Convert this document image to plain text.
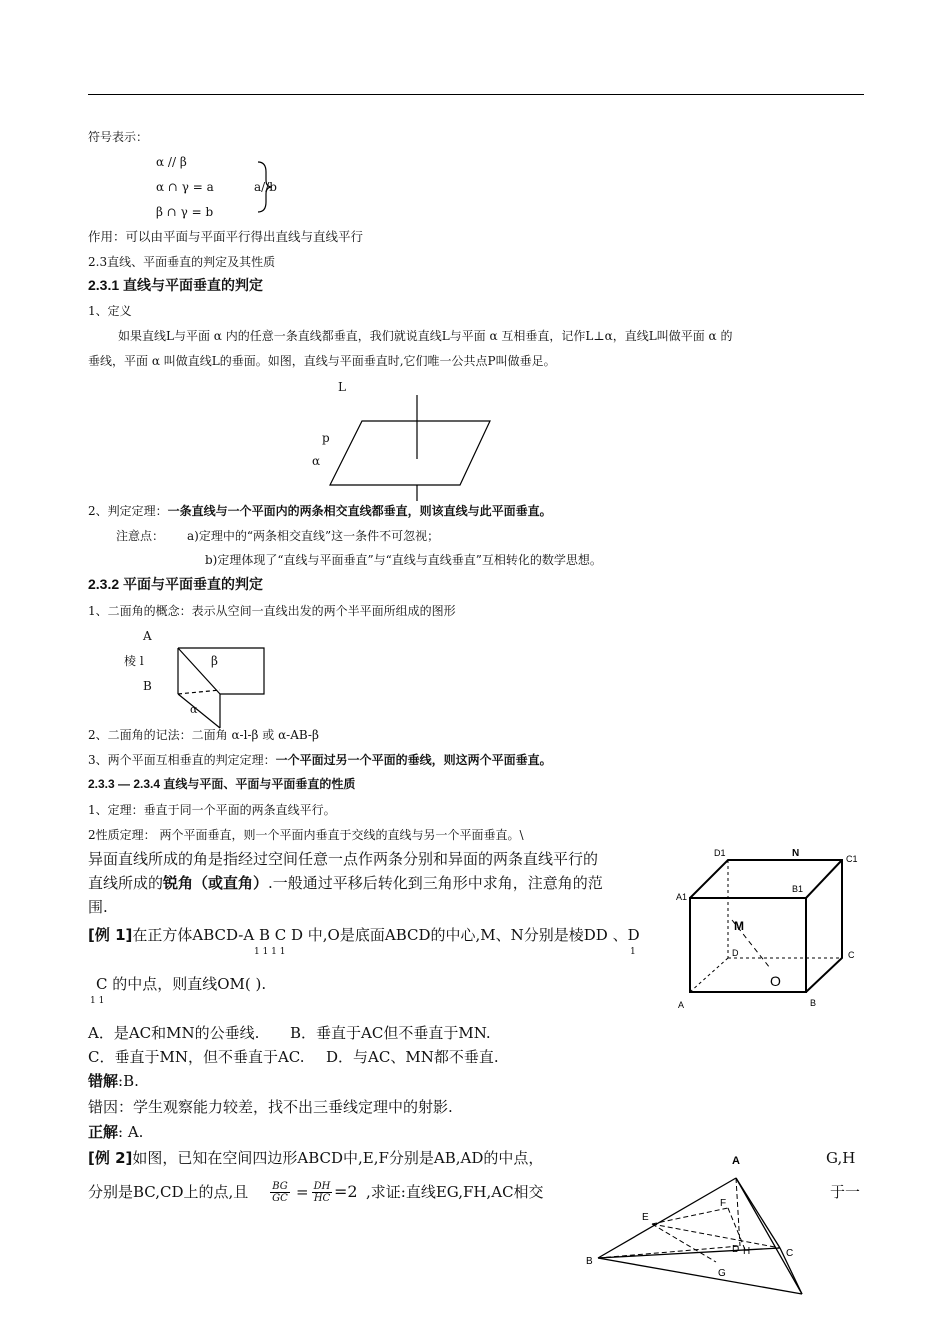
符号表示：
α // β
α ∩ γ = a
β ∩ γ = b
a//b
作用：可以由平面与平面平行得出直线与直线平行
2.3直线、平面垂直的判定及其性质
2.3.1 直线与平面垂直的判定
1、定义
如果直线L与平面 α 内的任意一条直线都垂直，我们就说直线L与平面 α 互相垂直，记作L⊥α，直线L叫做平面 α 的
垂线，平面 α 叫做直线L的垂面。如图，直线与平面垂直时,它们唯一公共点P叫做垂足。
L
p
α
2、判定定理：一条直线与一个平面内的两条相交直线都垂直，则该直线与此平面垂直。
注意点： a)定理中的“两条相交直线”这一条件不可忽视；
b)定理体现了“直线与平面垂直”与“直线与直线垂直”互相转化的数学思想。
2.3.2 平面与平面垂直的判定
1、二面角的概念：表示从空间一直线出发的两个半平面所组成的图形
A
棱 l
B
β
α
2、二面角的记法：二面角 α-l-β 或 α-AB-β
3、两个平面互相垂直的判定定理：一个平面过另一个平面的垂线，则这两个平面垂直。
2.3.3 — 2.3.4 直线与平面、平面与平面垂直的性质
1、定理：垂直于同一个平面的两条直线平行。
2性质定理： 两个平面垂直，则一个平面内垂直于交线的直线与另一个平面垂直。\
异面直线所成的角是指经过空间任意一点作两条分别和异面的两条直线平行的
直线所成的锐角（或直角）.一般通过平移后转化到三角形中求角，注意角的范
围.
[例 1]在正方体ABCD-A B C D 中,O是底面ABCD的中心,M、N分别是棱DD 、D
1 1 1 1	1
C 的中点，则直线OM( ).
1 1
A．是AC和MN的公垂线. B．垂直于AC但不垂直于MN.
C．垂直于MN，但不垂直于AC. D．与AC、MN都不垂直.
错解:B.
错因：学生观察能力较差，找不出三垂线定理中的射影.
正解: A.
D1	N	C1
A1
B1
M
D	C
O
A	B
[例 2]如图，已知在空间四边形ABCD中,E,F分别是AB,AD的中点，	G,H
分别是BC,CD上的点,且 $\frac{BG}{GC} = \frac{DH}{HC} =2$ ,求证:直线EG,FH,AC相交	于一
A
F
E
D H	C
B
G
